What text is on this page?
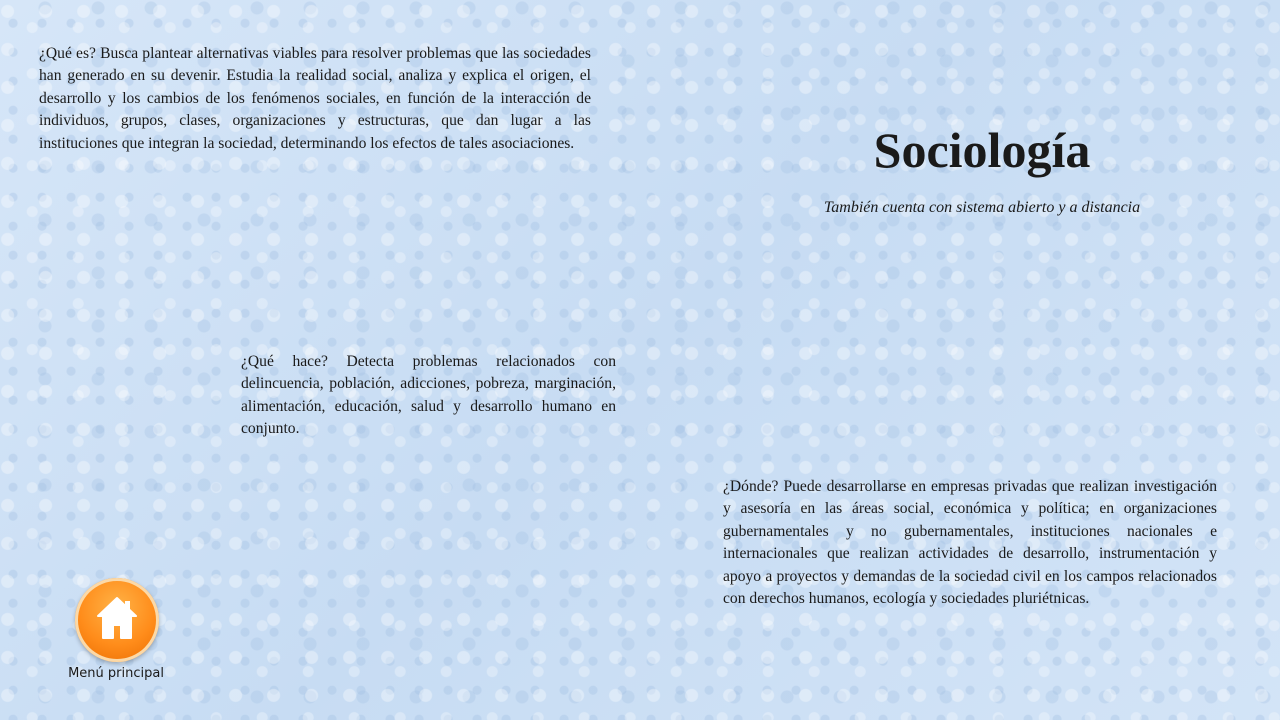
¿Qué es? Busca plantear alternativas viables para resolver problemas que las sociedades han generado en su devenir. Estudia la realidad social, analiza y explica el origen, el desarrollo y los cambios de los fenómenos sociales, en función de la interacción de individuos, grupos, clases, organizaciones y estructuras, que dan lugar a las instituciones que integran la sociedad, determinando los efectos de tales asociaciones.	Sociología
También cuenta con sistema abierto y a distancia
¿Qué hace? Detecta problemas relacionados con delincuencia, población, adicciones, pobreza, marginación, alimentación, educación, salud y desarrollo humano en conjunto.
¿Dónde? Puede desarrollarse en empresas privadas que realizan investigación y asesoría en las áreas social, económica y política; en organizaciones gubernamentales y no gubernamentales, instituciones nacionales e internacionales que realizan actividades de desarrollo, instrumentación y apoyo a proyectos y demandas de la sociedad civil en los campos relacionados con derechos humanos, ecología y sociedades pluriétnicas.
Menú principal
